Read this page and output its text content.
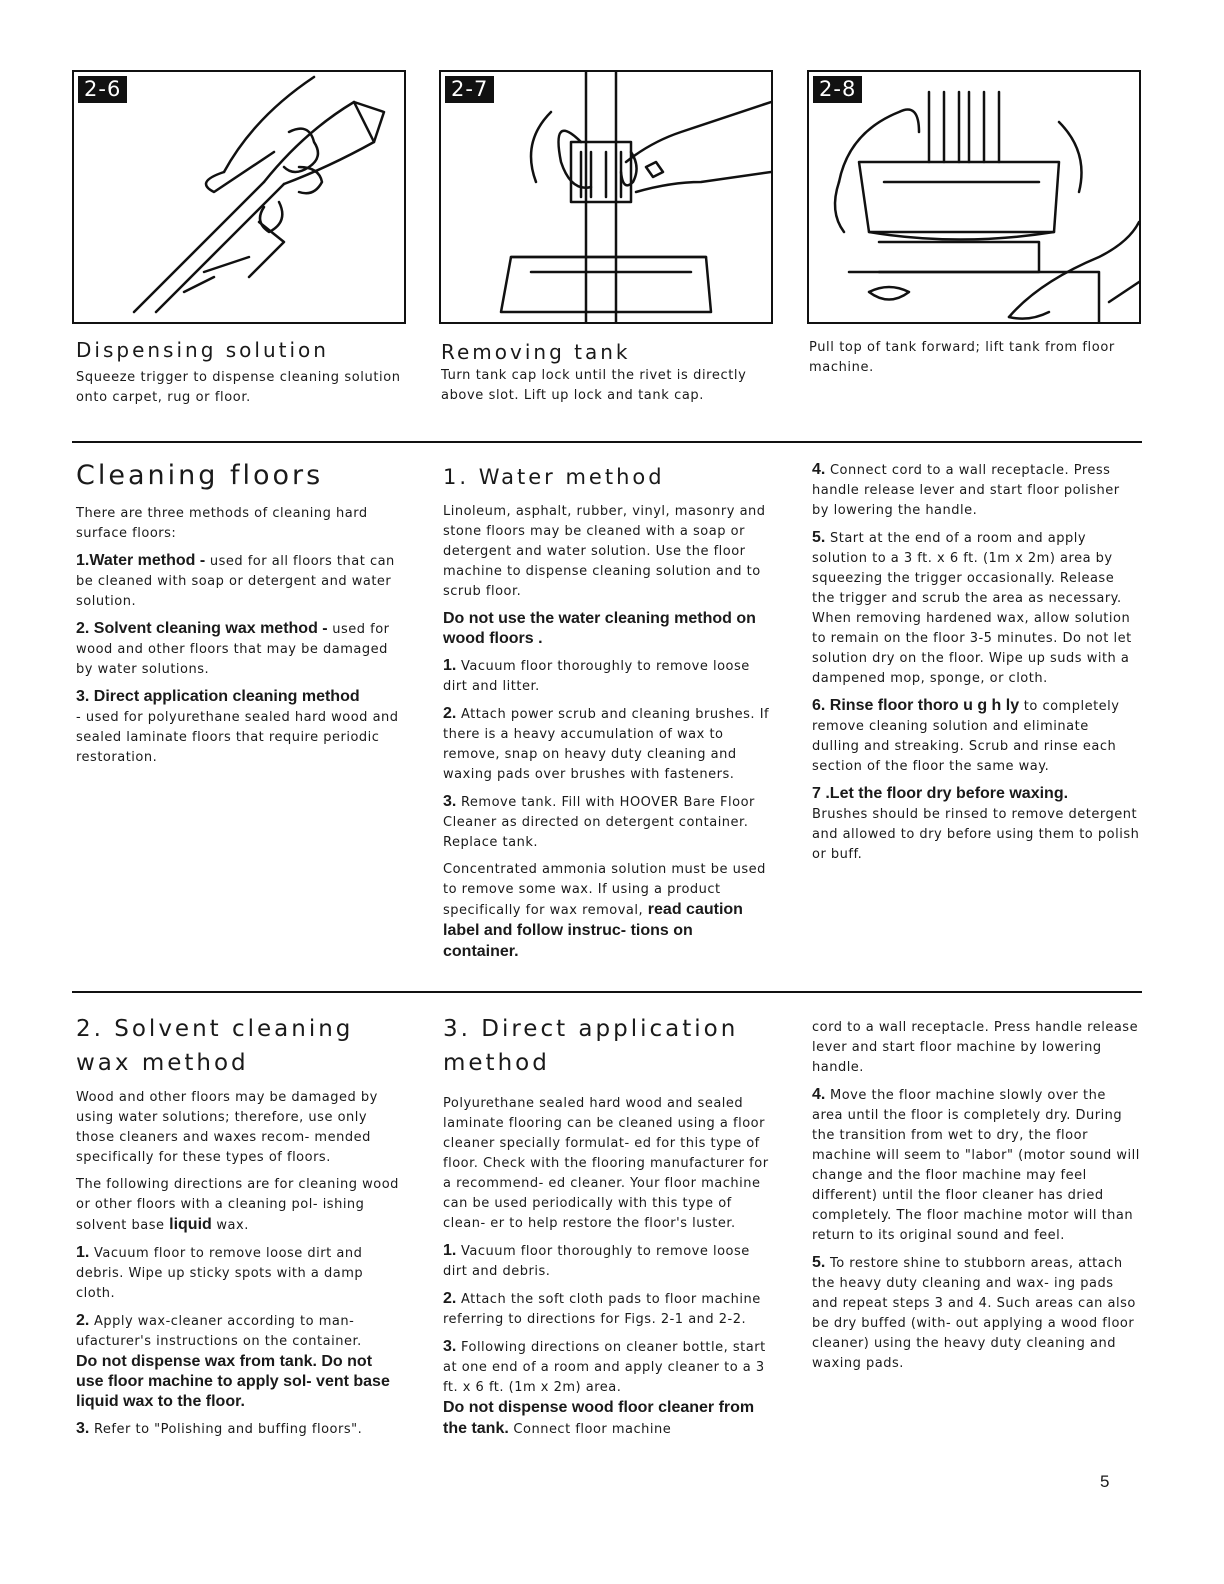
2-6	2-7	2-8
Dispensing solution

Squeeze trigger to dispense cleaning solution onto carpet, rug or floor.

Removing tank

Turn tank cap lock until the rivet is directly above slot. Lift up lock and tank cap.

Pull top of tank forward; lift tank from floor machine.

Cleaning floors

There are three methods of cleaning hard surface floors:

1.Water method - used for all floors that can be cleaned with soap or detergent and water solution.

2. Solvent cleaning wax method - used for wood and other floors that may be damaged by water solutions.

3. Direct application cleaning method
- used for polyurethane sealed hard wood and sealed laminate floors that require periodic restoration.

1. Water method

Linoleum, asphalt, rubber, vinyl, masonry and stone floors may be cleaned with a soap or detergent and water solution. Use the floor machine to dispense cleaning solution and to scrub floor.

Do not use the water cleaning method on wood floors .

1. Vacuum floor thoroughly to remove loose dirt and litter.

2. Attach power scrub and cleaning brushes. If there is a heavy accumulation of wax to remove, snap on heavy duty cleaning and waxing pads over brushes with fasteners.

3. Remove tank. Fill with HOOVER Bare Floor Cleaner as directed on detergent container. Replace tank.

Concentrated ammonia solution must be used to remove some wax. If using a product specifically for wax removal, read caution label and follow instruc- tions on container.

4. Connect cord to a wall receptacle. Press handle release lever and start floor polisher by lowering the handle.

5. Start at the end of a room and apply solution to a 3 ft. x 6 ft. (1m x 2m) area by squeezing the trigger occasionally. Release the trigger and scrub the area as necessary. When removing hardened wax, allow solution to remain on the floor 3-5 minutes. Do not let solution dry on the floor. Wipe up suds with a dampened mop, sponge, or cloth.

6. Rinse floor thoro u g h ly to completely remove cleaning solution and eliminate dulling and streaking. Scrub and rinse each section of the floor the same way.

7 .Let the floor dry before waxing.

Brushes should be rinsed to remove detergent and allowed to dry before using them to polish or buff.

2. Solvent cleaning
wax method

Wood and other floors may be damaged by using water solutions; therefore, use only those cleaners and waxes recom- mended specifically for these types of floors.

The following directions are for cleaning wood or other floors with a cleaning pol- ishing solvent base liquid wax.

1. Vacuum floor to remove loose dirt and debris. Wipe up sticky spots with a damp cloth.

2. Apply wax-cleaner according to man- ufacturer's instructions on the container.

Do not dispense wax from tank. Do not use floor machine to apply sol- vent base liquid wax to the floor.

3. Refer to "Polishing and buffing floors".

3. Direct application
method

Polyurethane sealed hard wood and sealed laminate flooring can be cleaned using a floor cleaner specially formulat- ed for this type of floor. Check with the flooring manufacturer for a recommend- ed cleaner. Your floor machine can be used periodically with this type of clean- er to help restore the floor's luster.

1. Vacuum floor thoroughly to remove loose dirt and debris.

2. Attach the soft cloth pads to floor machine referring to directions for Figs. 2-1 and 2-2.

3. Following directions on cleaner bottle, start at one end of a room and apply cleaner to a 3 ft. x 6 ft. (1m x 2m) area.

Do not dispense wood floor cleaner from the tank. Connect floor machine

cord to a wall receptacle. Press handle release lever and start floor machine by lowering handle.

4. Move the floor machine slowly over the area until the floor is completely dry. During the transition from wet to dry, the floor machine will seem to "labor" (motor sound will change and the floor machine may feel different) until the floor cleaner has dried completely. The floor machine motor will than return to its original sound and feel.

5. To restore shine to stubborn areas, attach the heavy duty cleaning and wax- ing pads and repeat steps 3 and 4. Such areas can also be dry buffed (with- out applying a wood floor cleaner) using the heavy duty cleaning and waxing pads.

5
